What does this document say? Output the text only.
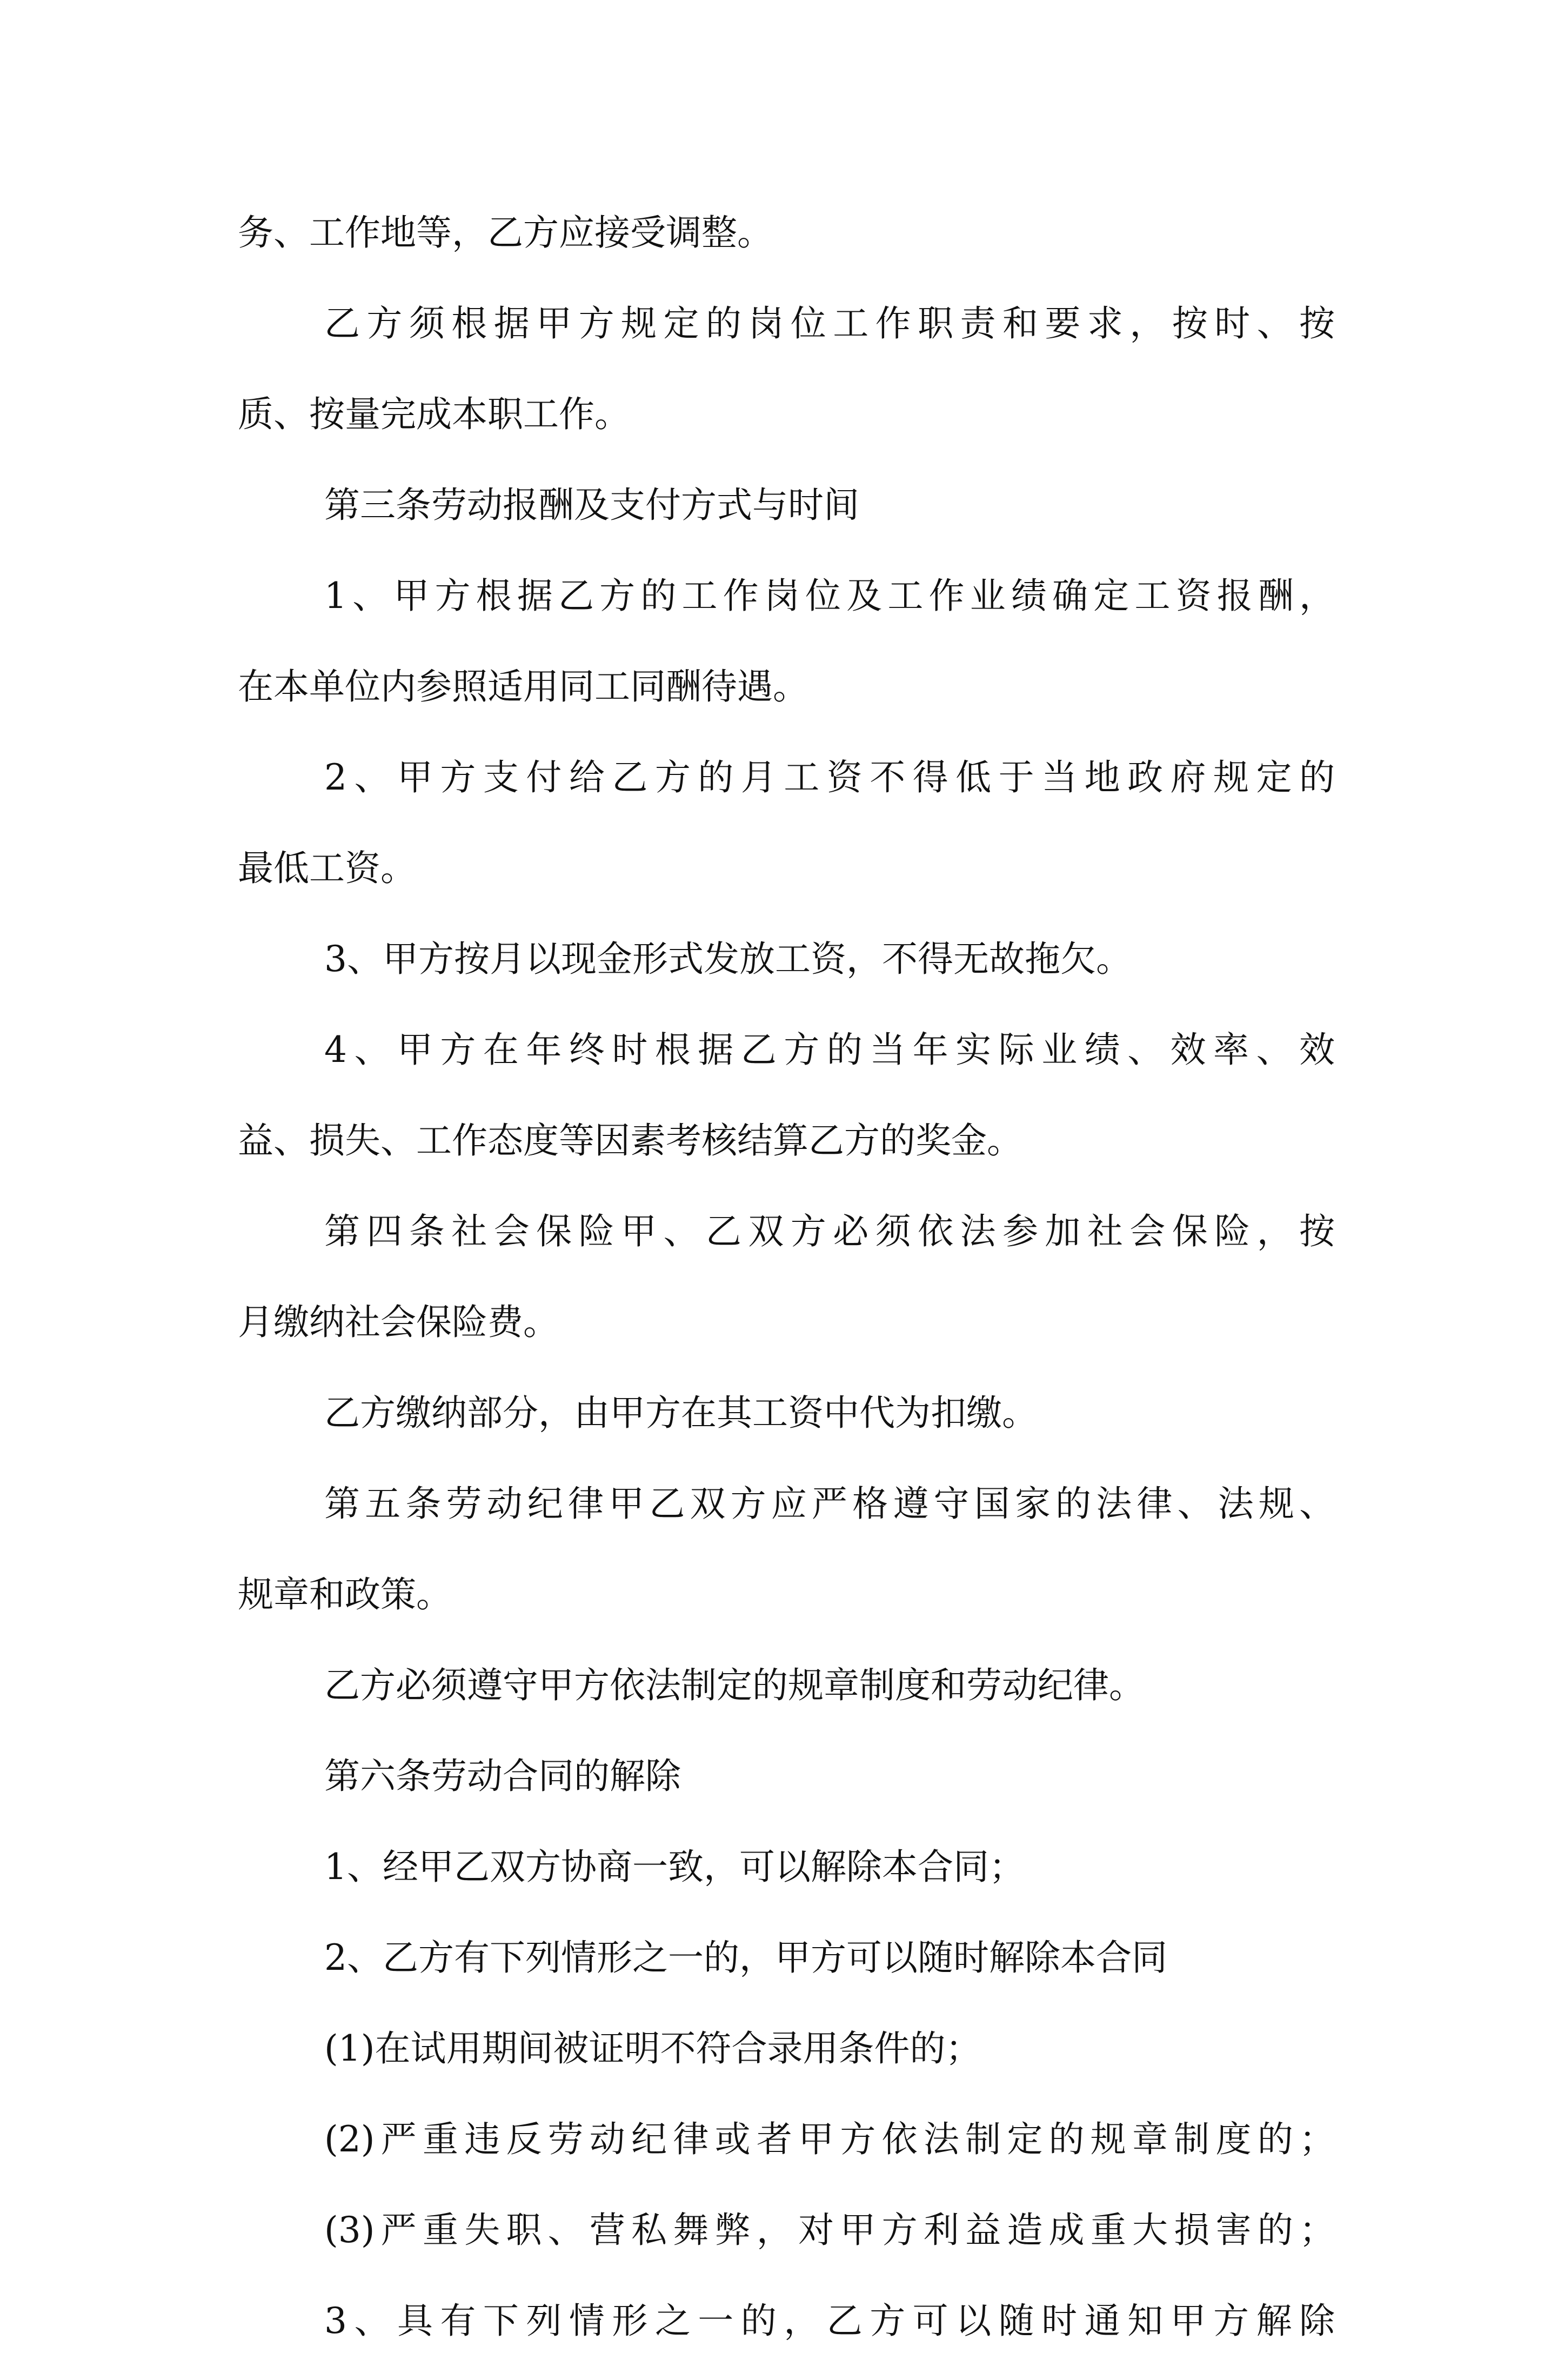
务、工作地等，乙方应接受调整。
乙方须根据甲方规定的岗位工作职责和要求，按时、按
质、按量完成本职工作。
第三条劳动报酬及支付方式与时间
1、甲方根据乙方的工作岗位及工作业绩确定工资报酬，
在本单位内参照适用同工同酬待遇。
2、甲方支付给乙方的月工资不得低于当地政府规定的
最低工资。
3、甲方按月以现金形式发放工资，不得无故拖欠。
4、甲方在年终时根据乙方的当年实际业绩、效率、效
益、损失、工作态度等因素考核结算乙方的奖金。
第四条社会保险甲、乙双方必须依法参加社会保险，按
月缴纳社会保险费。
乙方缴纳部分，由甲方在其工资中代为扣缴。
第五条劳动纪律甲乙双方应严格遵守国家的法律、法规、
规章和政策。
乙方必须遵守甲方依法制定的规章制度和劳动纪律。
第六条劳动合同的解除
1、经甲乙双方协商一致，可以解除本合同；
2、乙方有下列情形之一的，甲方可以随时解除本合同
(1)在试用期间被证明不符合录用条件的；
(2)严重违反劳动纪律或者甲方依法制定的规章制度的；
(3)严重失职、营私舞弊，对甲方利益造成重大损害的；
3、具有下列情形之一的，乙方可以随时通知甲方解除
